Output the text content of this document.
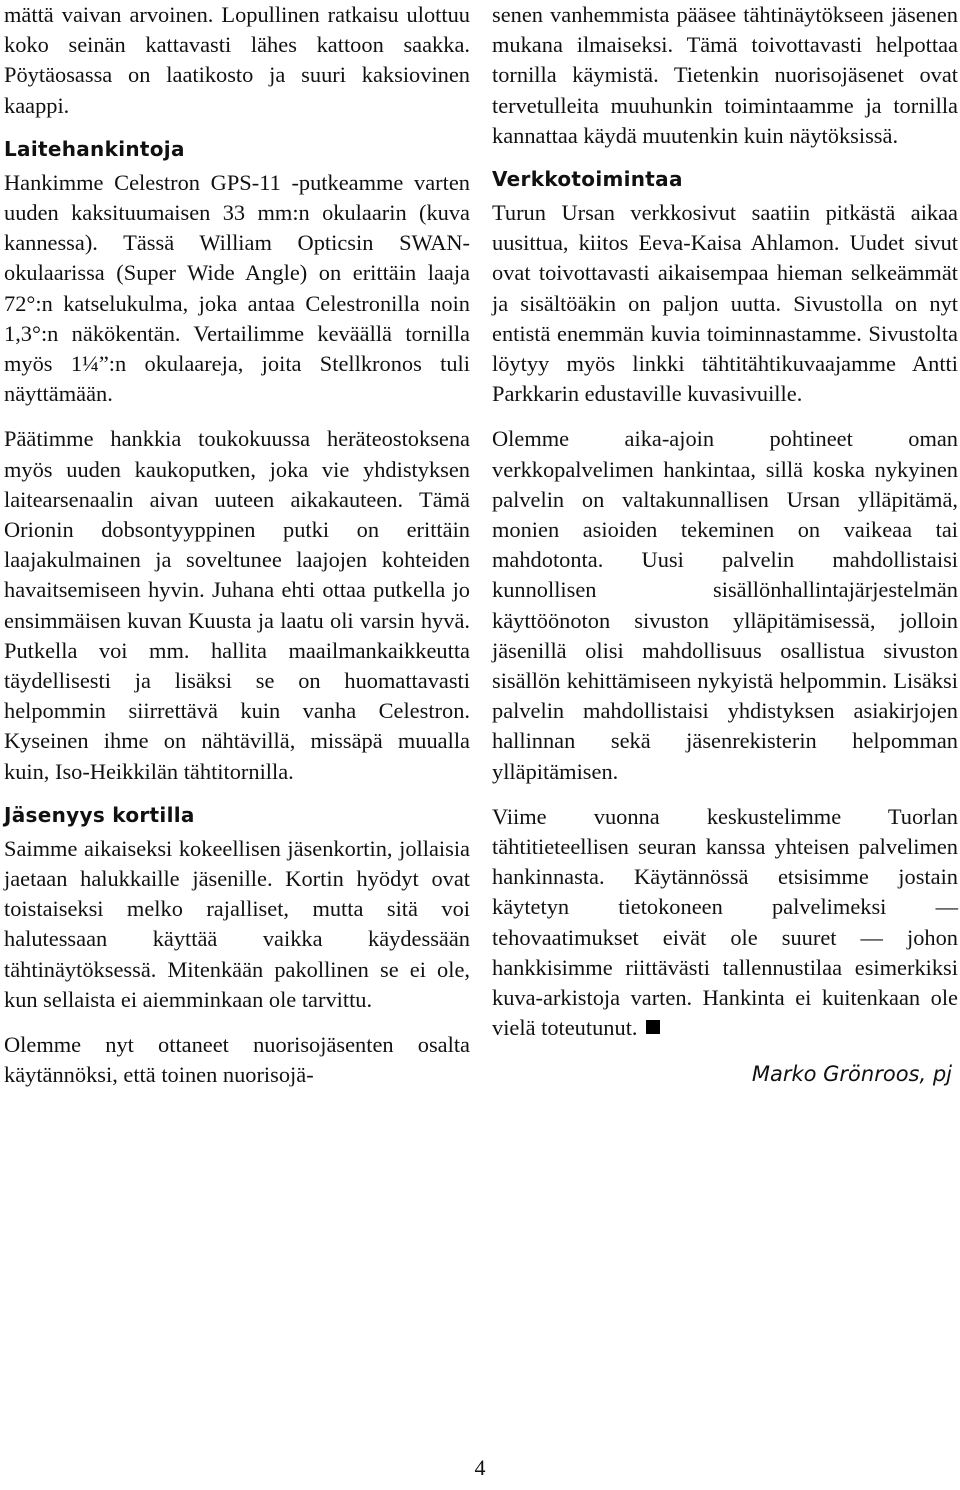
mättä vaivan arvoinen. Lopullinen ratkaisu ulottuu koko seinän kattavasti lähes kattoon saakka. Pöytäosassa on laatikosto ja suuri kaksiovinen kaappi.

Laitehankintoja

Hankimme Celestron GPS-11 -putkeamme varten uuden kaksituumaisen 33 mm:n okulaarin (kuva kannessa). Tässä William Opticsin SWAN-okulaarissa (Super Wide Angle) on erittäin laaja 72°:n katselukulma, joka antaa Celestronilla noin 1,3°:n näkökentän. Vertailimme keväällä tornilla myös 1¼”:n okulaareja, joita Stellkronos tuli näyttämään.

Päätimme hankkia toukokuussa heräteostoksena myös uuden kaukoputken, joka vie yhdistyksen laitearsenaalin aivan uuteen aikakauteen. Tämä Orionin dobsontyyppinen putki on erittäin laajakulmainen ja soveltunee laajojen kohteiden havaitsemiseen hyvin. Juhana ehti ottaa putkella jo ensimmäisen kuvan Kuusta ja laatu oli varsin hyvä. Putkella voi mm. hallita maailmankaikkeutta täydellisesti ja lisäksi se on huomattavasti helpommin siirrettävä kuin vanha Celestron. Kyseinen ihme on nähtävillä, missäpä muualla kuin, Iso-Heikkilän tähtitornilla.

Jäsenyys kortilla

Saimme aikaiseksi kokeellisen jäsenkortin, jollaisia jaetaan halukkaille jäsenille. Kortin hyödyt ovat toistaiseksi melko rajalliset, mutta sitä voi halutessaan käyttää vaikka käydessään tähtinäytöksessä. Mitenkään pakollinen se ei ole, kun sellaista ei aiemminkaan ole tarvittu.

Olemme nyt ottaneet nuorisojäsenten osalta käytännöksi, että toinen nuorisojä-

senen vanhemmista pääsee tähtinäytökseen jäsenen mukana ilmaiseksi. Tämä toivottavasti helpottaa tornilla käymistä. Tietenkin nuorisojäsenet ovat tervetulleita muuhunkin toimintaamme ja tornilla kannattaa käydä muutenkin kuin näytöksissä.

Verkkotoimintaa

Turun Ursan verkkosivut saatiin pitkästä aikaa uusittua, kiitos Eeva-Kaisa Ahlamon. Uudet sivut ovat toivottavasti aikaisempaa hieman selkeämmät ja sisältöäkin on paljon uutta. Sivustolla on nyt entistä enemmän kuvia toiminnastamme. Sivustolta löytyy myös linkki tähtitähtikuvaajamme Antti Parkkarin edustaville kuvasivuille.

Olemme aika-ajoin pohtineet oman verkkopalvelimen hankintaa, sillä koska nykyinen palvelin on valtakunnallisen Ursan ylläpitämä, monien asioiden tekeminen on vaikeaa tai mahdotonta. Uusi palvelin mahdollistaisi kunnollisen sisällönhallintajärjestelmän käyttöönoton sivuston ylläpitämisessä, jolloin jäsenillä olisi mahdollisuus osallistua sivuston sisällön kehittämiseen nykyistä helpommin. Lisäksi palvelin mahdollistaisi yhdistyksen asiakirjojen hallinnan sekä jäsenrekisterin helpomman ylläpitämisen.

Viime vuonna keskustelimme Tuorlan tähtitieteellisen seuran kanssa yhteisen palvelimen hankinnasta. Käytännössä etsisimme jostain käytetyn tietokoneen palvelimeksi — tehovaatimukset eivät ole suuret — johon hankkisimme riittävästi tallennustilaa esimerkiksi kuva-arkistoja varten. Hankinta ei kuitenkaan ole vielä toteutunut.

Marko Grönroos, pj
4
